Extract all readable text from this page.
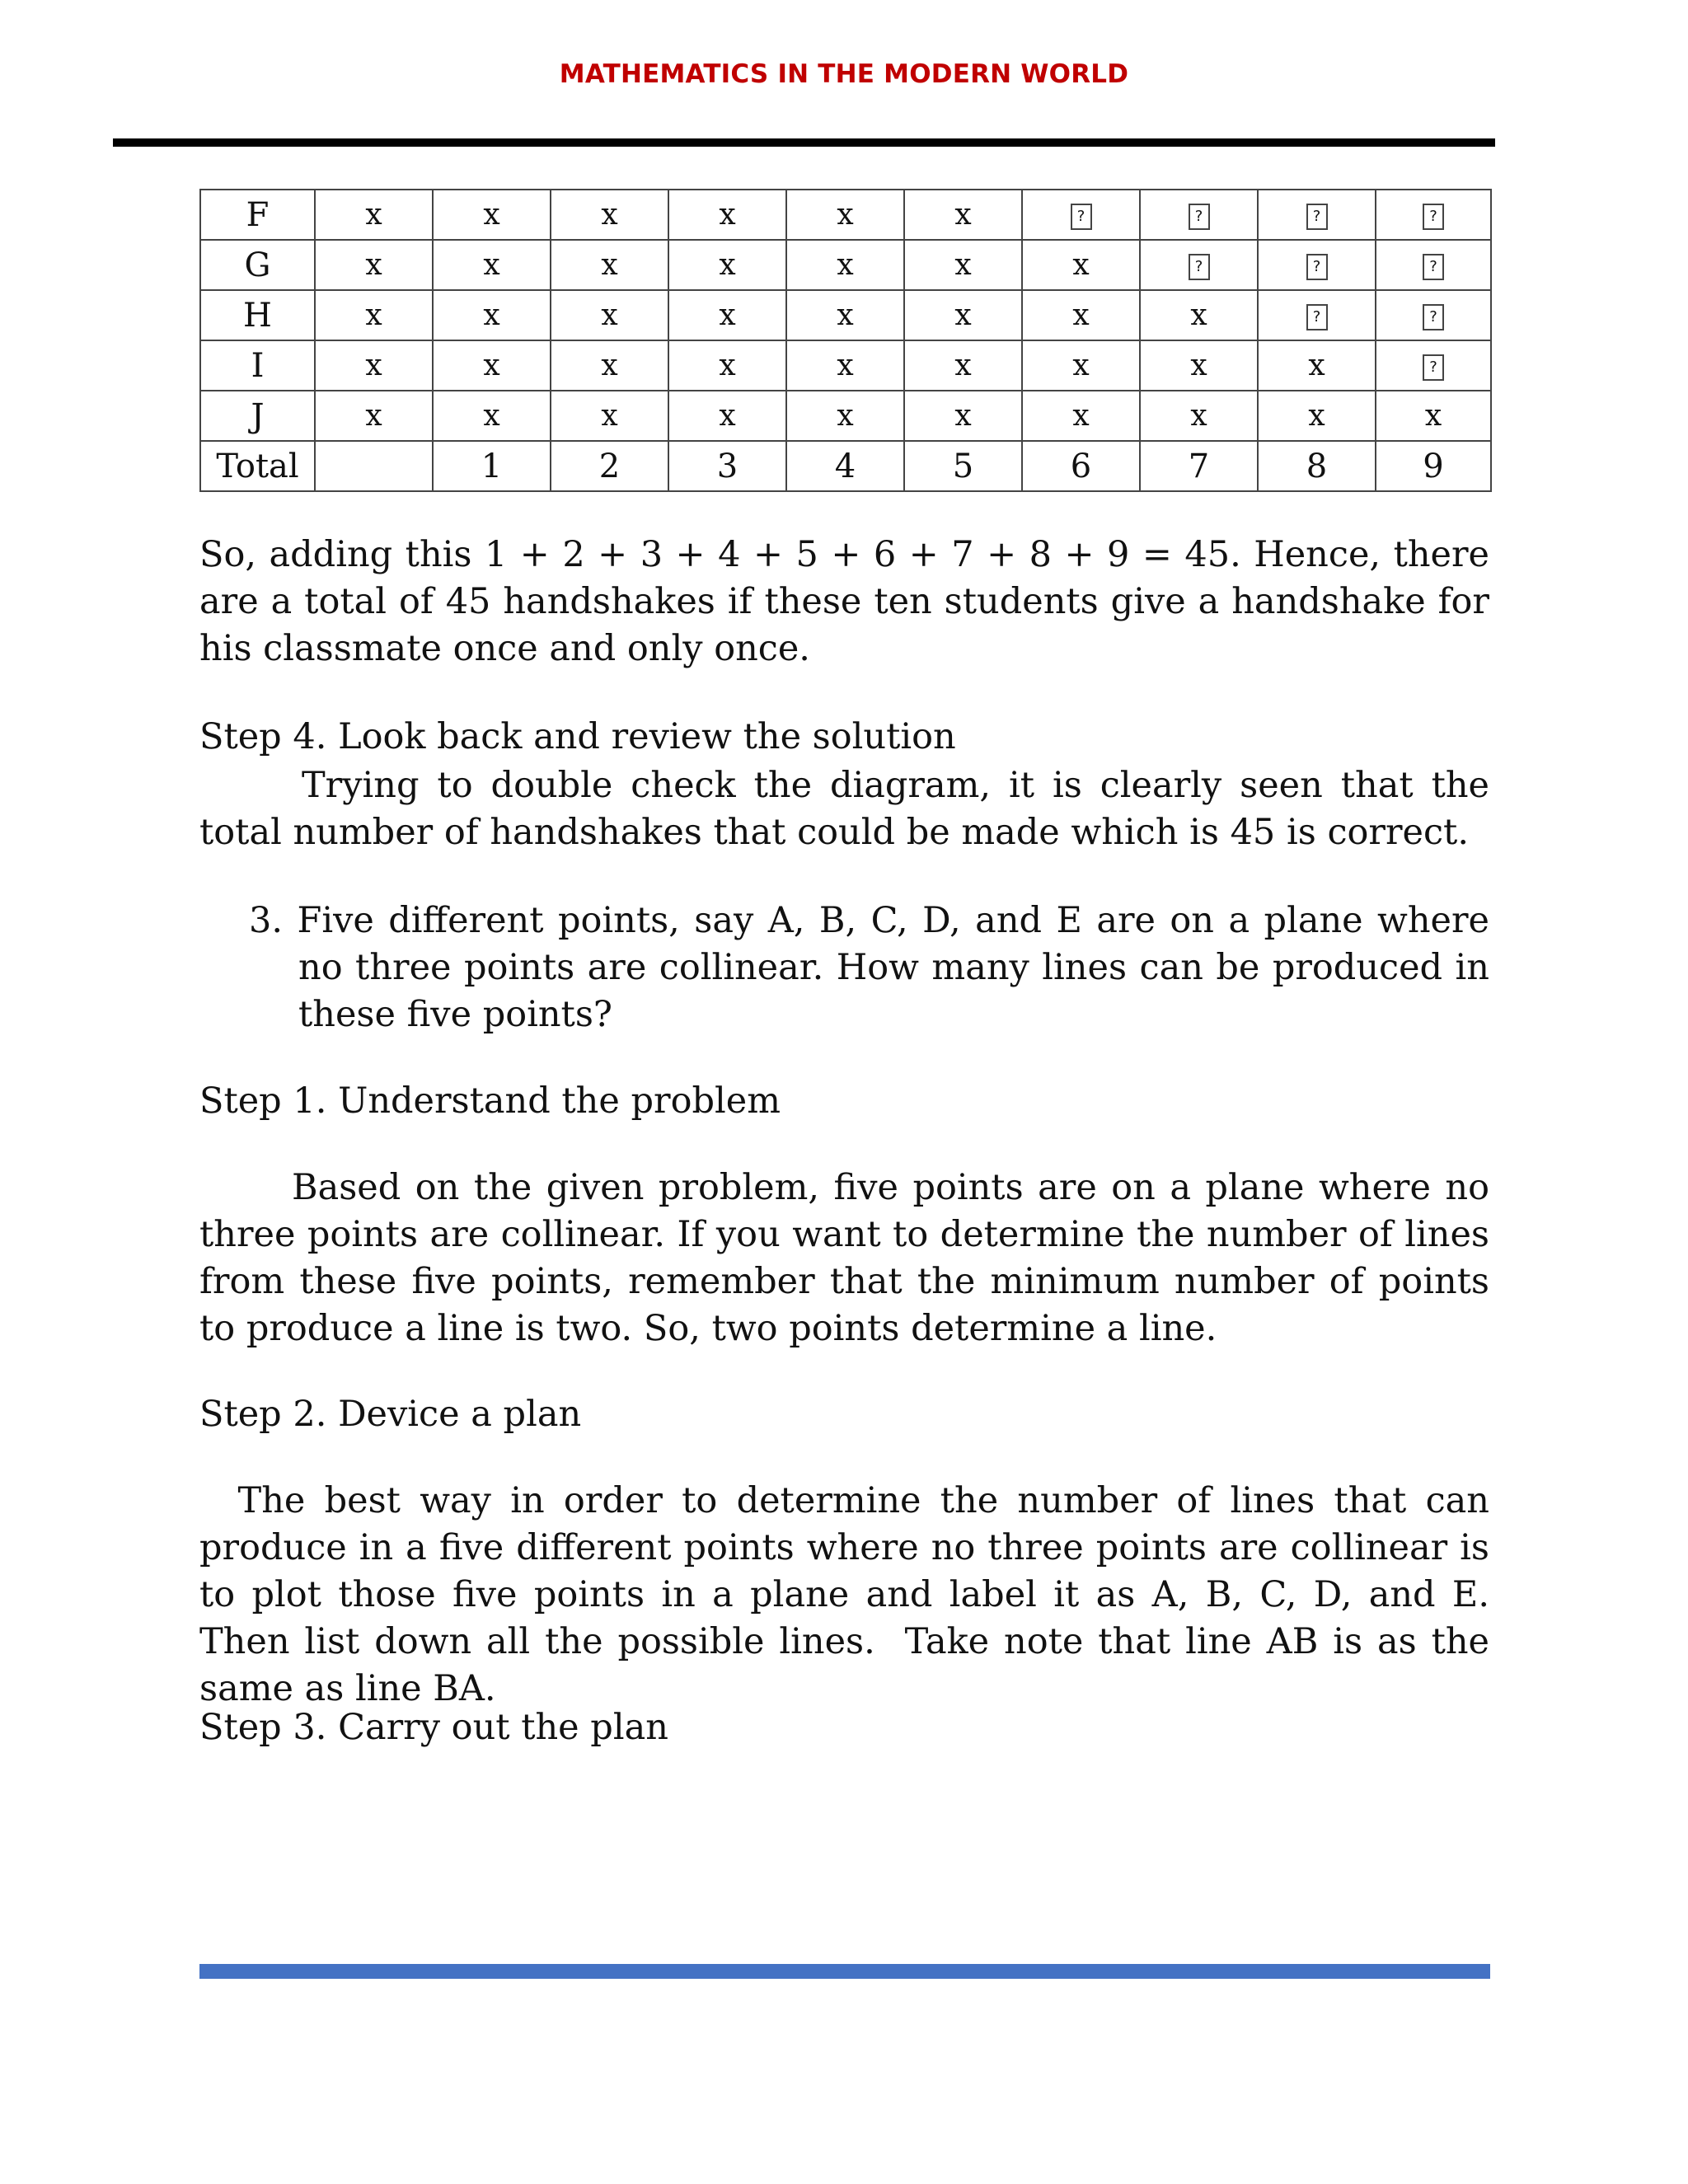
MATHEMATICS IN THE MODERN WORLD
F	x	x	x	x	x	x	?	?	?	?

G	x	x	x	x	x	x	x	?	?	?

H	x	x	x	x	x	x	x	x	?	?

I	x	x	x	x	x	x	x	x	x	?

J	x	x	x	x	x	x	x	x	x	x
Total		1	2	3	4	5	6	7	8	9

So, adding this 1 + 2 + 3 + 4 + 5 + 6 + 7 + 8 + 9 = 45. Hence, there are a total of 45 handshakes if these ten students give a handshake for his classmate once and only once.

Step 4. Look back and review the solution

Trying to double check the diagram, it is clearly seen that the total number of handshakes that could be made which is 45 is correct.

3. Five different points, say A, B, C, D, and E are on a plane where no three points are collinear. How many lines can be produced in these five points?

Step 1. Understand the problem

Based on the given problem, five points are on a plane where no three points are collinear. If you want to determine the number of lines from these five points, remember that the minimum number of points to produce a line is two. So, two points determine a line.

Step 2. Device a plan

The best way in order to determine the number of lines that can produce in a five different points where no three points are collinear is to plot those five points in a plane and label it as A, B, C, D, and E.  Then list down all the possible lines.  Take note that line AB is as the same as line BA.

Step 3. Carry out the plan
